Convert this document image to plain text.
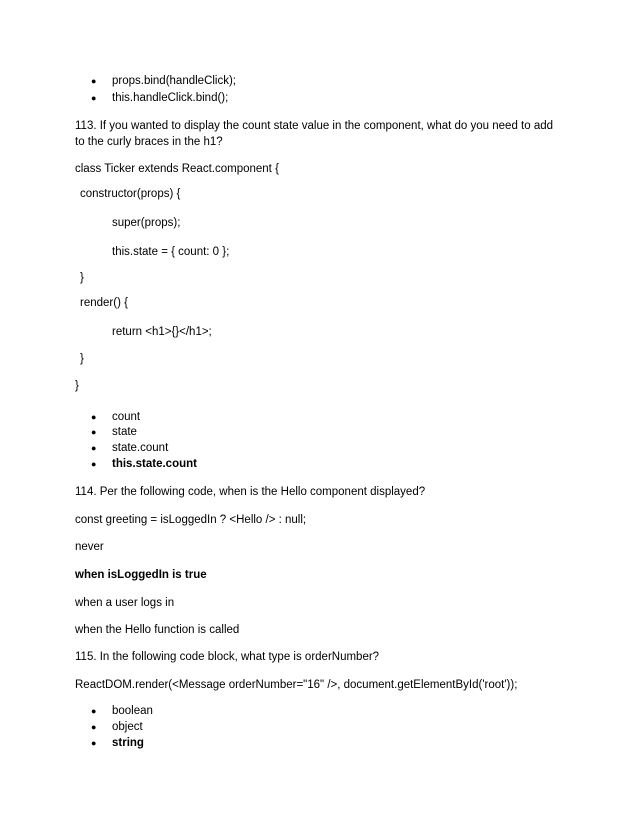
● props.bind(handleClick);
● this.handleClick.bind();
113. If you wanted to display the count state value in the component, what do you need to add
to the curly braces in the h1?
class Ticker extends React.component {
constructor(props) {
super(props);
this.state = { count: 0 };
}
render() {
return <h1>{}</h1>;
}
}
● count
● state
● state.count
● this.state.count
114. Per the following code, when is the Hello component displayed?
const greeting = isLoggedIn ? <Hello /> : null;
never
when isLoggedIn is true
when a user logs in
when the Hello function is called
115. In the following code block, what type is orderNumber?
ReactDOM.render(<Message orderNumber="16" />, document.getElementById('root'));
● boolean
● object
● string
